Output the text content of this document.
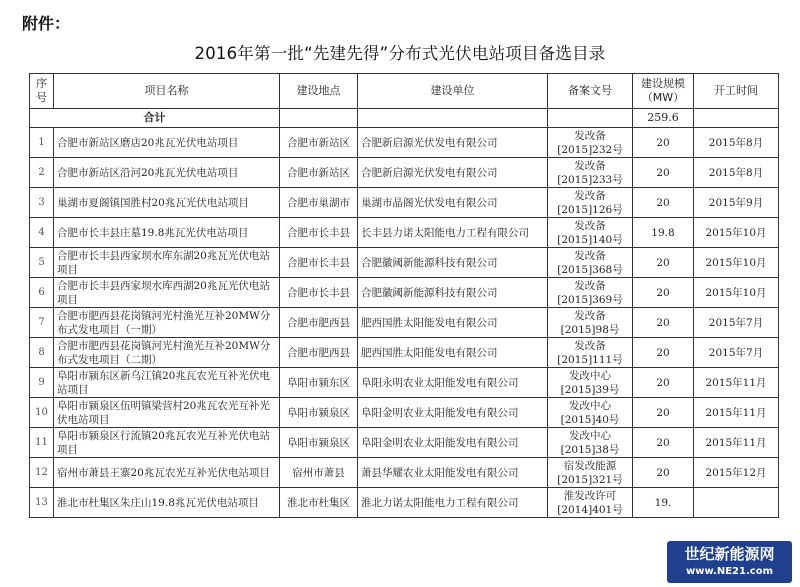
附件：
2016年第一批“先建先得”分布式光伏电站项目备选目录
序号	项目名称	建设地点	建设单位	备案文号	建设规模（MW）	开工时间
合计					259.6	
1	合肥市新站区磨店20兆瓦光伏电站项目	合肥市新站区	合肥新启源光伏发电有限公司	发改备[2015]232号	20	2015年8月
2	合肥市新站区沿河20兆瓦光伏电站项目	合肥市新站区	合肥新启源光伏发电有限公司	发改备[2015]233号	20	2015年8月
3	巢湖市夏阁镇国胜村20兆瓦光伏电站项目	合肥市巢湖市	巢湖市晶阁光伏发电有限公司	发改备[2015]126号	20	2015年9月
4	合肥市长丰县庄墓19.8兆瓦光伏电站项目	合肥市长丰县	长丰县力诺太阳能电力工程有限公司	发改备[2015]140号	19.8	2015年10月
5	合肥市长丰县西家坝水库东湖20兆瓦光伏电站项目	合肥市长丰县	合肥徽阈新能源科技有限公司	发改备[2015]368号	20	2015年10月
6	合肥市长丰县西家坝水库西湖20兆瓦光伏电站项目	合肥市长丰县	合肥徽阈新能源科技有限公司	发改备[2015]369号	20	2015年10月
7	合肥市肥西县花岗镇河光村渔光互补20MW分布式发电项目（一期）	合肥市肥西县	肥西国胜太阳能发电有限公司	发改备[2015]98号	20	2015年7月
8	合肥市肥西县花岗镇河光村渔光互补20MW分布式发电项目（二期）	合肥市肥西县	肥西国胜太阳能发电有限公司	发改备[2015]111号	20	2015年7月
9	阜阳市颍东区新乌江镇20兆瓦农光互补光伏电站项目	阜阳市颍东区	阜阳永明农业太阳能发电有限公司	发改中心[2015]39号	20	2015年11月
10	阜阳市颍泉区伍明镇梁营村20兆瓦农光互补光伏电站项目	阜阳市颍泉区	阜阳金明农业太阳能发电有限公司	发改中心[2015]40号	20	2015年11月
11	阜阳市颍泉区行流镇20兆瓦农光互补光伏电站项目	阜阳市颍泉区	阜阳金明农业太阳能发电有限公司	发改中心[2015]38号	20	2015年11月
12	宿州市萧县王寨20兆瓦农光互补光伏电站项目	宿州市萧县	萧县华耀农业太阳能发电有限公司	宿发改能源[2015]321号	20	2015年12月
13	淮北市杜集区朱庄山19.8兆瓦光伏电站项目	淮北市杜集区	淮北力诺太阳能电力工程有限公司	淮发改许可[2014]401号	19.	
世纪新能源网
www.NE21.com
